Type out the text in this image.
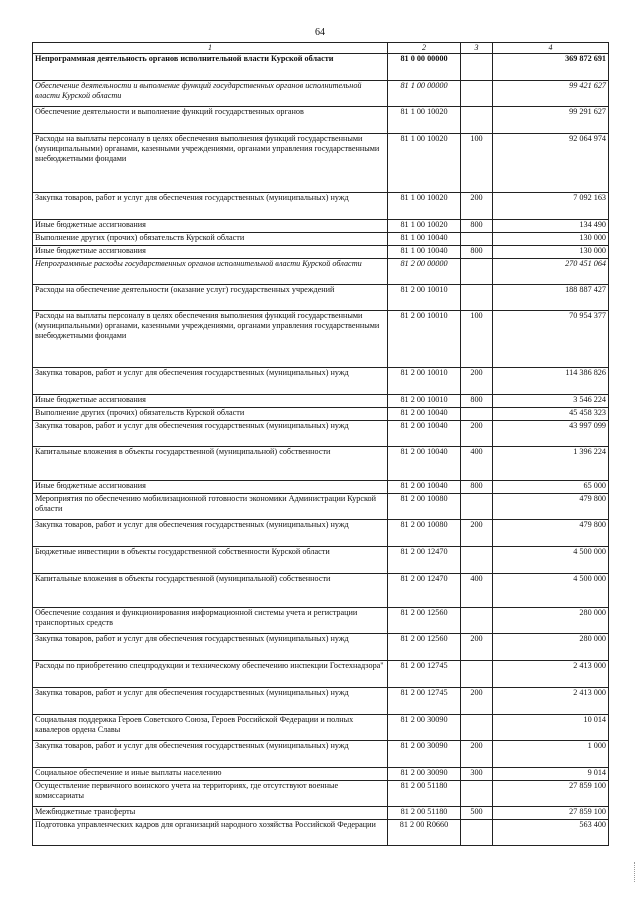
64
1	2	3	4
Непрограммная деятельность органов исполнительной власти Курской области	81 0 00 00000		369 872 691
Обеспечение деятельности и выполнение функций государственных органов исполнительной власти Курской области	81 1 00 00000		99 421 627
Обеспечение деятельности и выполнение функций государственных органов	81 1 00 10020		99 291 627
Расходы на выплаты персоналу в целях обеспечения выполнения функций государственными (муниципальными) органами, казенными учреждениями, органами управления государственными внебюджетными фондами	81 1 00 10020	100	92 064 974
Закупка товаров, работ и услуг для обеспечения государственных (муниципальных) нужд	81 1 00 10020	200	7 092 163
Иные бюджетные ассигнования	81 1 00 10020	800	134 490
Выполнение других (прочих) обязательств Курской области	81 1 00 10040		130 000
Иные бюджетные ассигнования	81 1 00 10040	800	130 000
Непрограммные расходы государственных органов исполнительной власти Курской области	81 2 00 00000		270 451 064
Расходы на обеспечение деятельности (оказание услуг) государственных учреждений	81 2 00 10010		188 887 427
Расходы на выплаты персоналу в целях обеспечения выполнения функций государственными (муниципальными) органами, казенными учреждениями, органами управления государственными внебюджетными фондами	81 2 00 10010	100	70 954 377
Закупка товаров, работ и услуг для обеспечения государственных (муниципальных) нужд	81 2 00 10010	200	114 386 826
Иные бюджетные ассигнования	81 2 00 10010	800	3 546 224
Выполнение других (прочих) обязательств Курской области	81 2 00 10040		45 458 323
Закупка товаров, работ и услуг для обеспечения государственных (муниципальных) нужд	81 2 00 10040	200	43 997 099
Капитальные вложения в объекты государственной (муниципальной) собственности	81 2 00 10040	400	1 396 224
Иные бюджетные ассигнования	81 2 00 10040	800	65 000
Мероприятия по обеспечению мобилизационной готовности экономики Администрации Курской области	81 2 00 10080		479 800
Закупка товаров, работ и услуг для обеспечения государственных (муниципальных) нужд	81 2 00 10080	200	479 800
Бюджетные инвестиции в объекты государственной собственности Курской области	81 2 00 12470		4 500 000
Капитальные вложения в объекты государственной (муниципальной) собственности	81 2 00 12470	400	4 500 000
Обеспечение создания и функционирования информационной системы учета и регистрации транспортных средств	81 2 00 12560		280 000
Закупка товаров, работ и услуг для обеспечения государственных (муниципальных) нужд	81 2 00 12560	200	280 000
Расходы по приобретению спецпродукции и техническому обеспечению инспекции Гостехнадзора"	81 2 00 12745		2 413 000
Закупка товаров, работ и услуг для обеспечения государственных (муниципальных) нужд	81 2 00 12745	200	2 413 000
Социальная поддержка Героев Советского Союза, Героев Российской Федерации и полных кавалеров ордена Славы	81 2 00 30090		10 014
Закупка товаров, работ и услуг для обеспечения государственных (муниципальных) нужд	81 2 00 30090	200	1 000
Социальное обеспечение и иные выплаты населению	81 2 00 30090	300	9 014
Осуществление первичного воинского учета на территориях, где отсутствуют военные комиссариаты	81 2 00 51180		27 859 100
Межбюджетные трансферты	81 2 00 51180	500	27 859 100
Подготовка управленческих кадров для организаций народного хозяйства Российской Федерации	81 2 00 R0660		563 400
